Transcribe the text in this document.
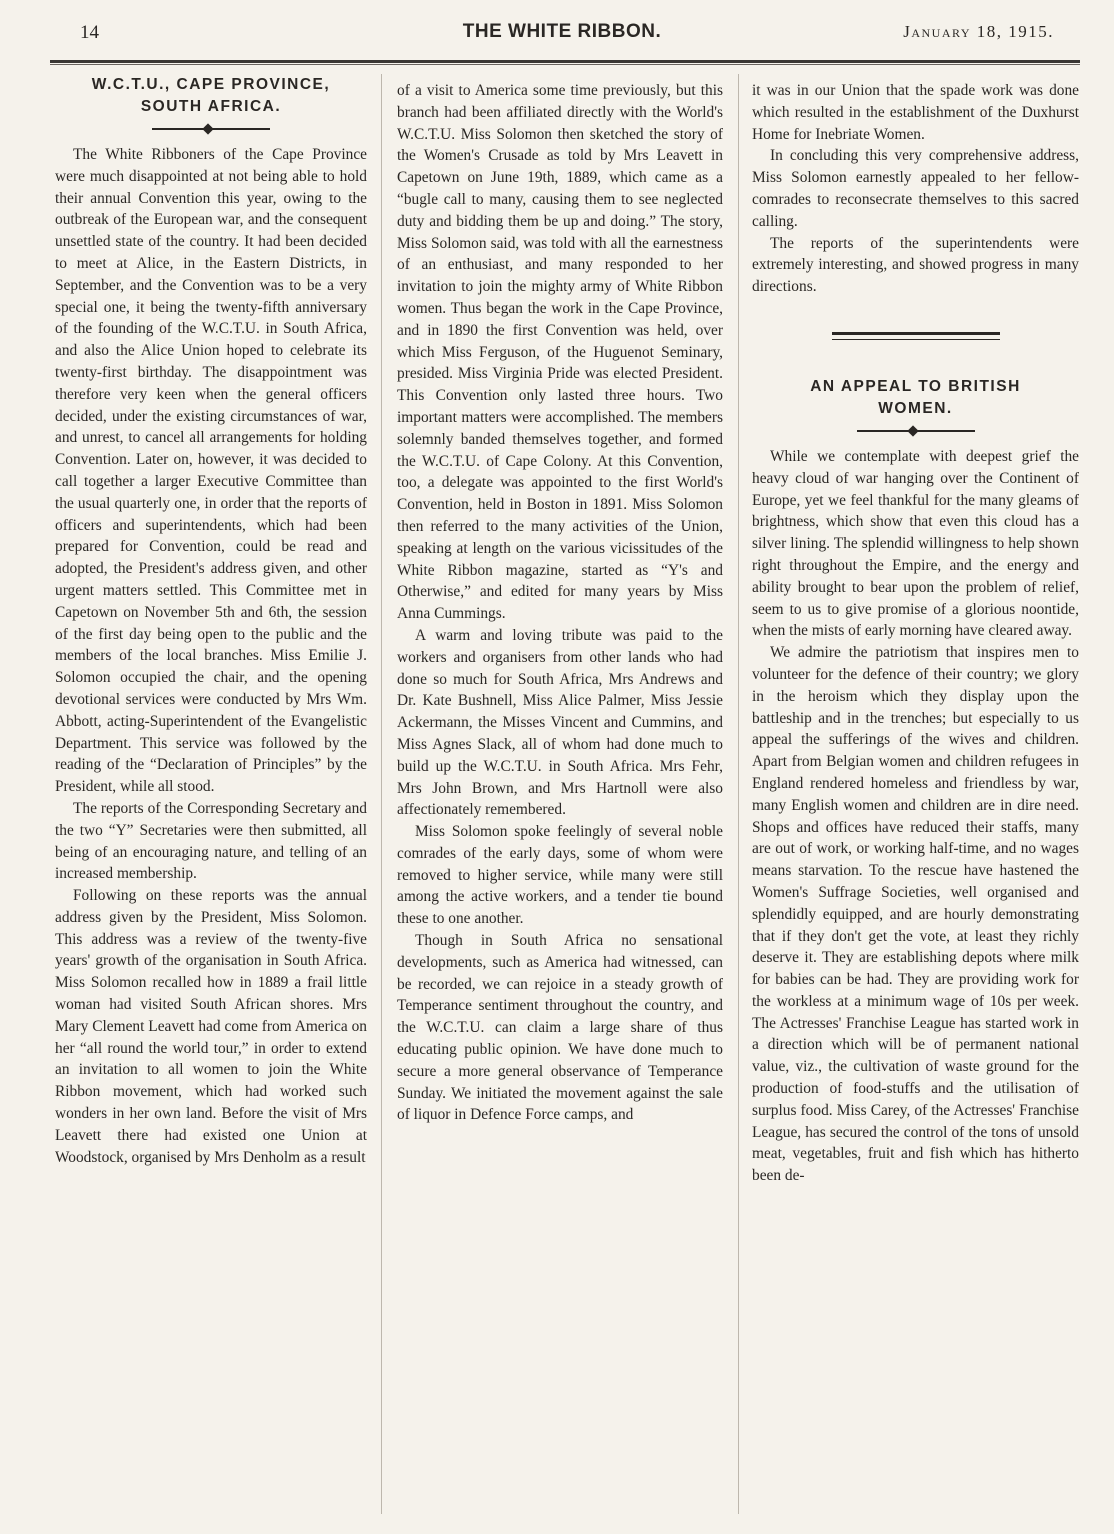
14	THE WHITE RIBBON.	January 18, 1915.
W.C.T.U., CAPE PROVINCE,
SOUTH AFRICA.

The White Ribboners of the Cape Province were much disappointed at not being able to hold their annual Convention this year, owing to the outbreak of the European war, and the consequent unsettled state of the country. It had been decided to meet at Alice, in the Eastern Districts, in September, and the Convention was to be a very special one, it being the twenty-fifth anniversary of the founding of the W.C.T.U. in South Africa, and also the Alice Union hoped to celebrate its twenty-first birthday. The disappointment was therefore very keen when the general officers decided, under the existing circumstances of war, and unrest, to cancel all arrangements for holding Convention. Later on, however, it was decided to call together a larger Executive Committee than the usual quarterly one, in order that the reports of officers and superintendents, which had been prepared for Convention, could be read and adopted, the President's address given, and other urgent matters settled. This Committee met in Capetown on November 5th and 6th, the session of the first day being open to the public and the members of the local branches. Miss Emilie J. Solomon occupied the chair, and the opening devotional services were conducted by Mrs Wm. Abbott, acting-Superintendent of the Evangelistic Department. This service was followed by the reading of the “Declaration of Principles” by the President, while all stood.

The reports of the Corresponding Secretary and the two “Y” Secretaries were then submitted, all being of an encouraging nature, and telling of an increased membership.

Following on these reports was the annual address given by the President, Miss Solomon. This address was a review of the twenty-five years' growth of the organisation in South Africa. Miss Solomon recalled how in 1889 a frail little woman had visited South African shores. Mrs Mary Clement Leavett had come from America on her “all round the world tour,” in order to extend an invitation to all women to join the White Ribbon movement, which had worked such wonders in her own land. Before the visit of Mrs Leavett there had existed one Union at Woodstock, organised by Mrs Denholm as a result

of a visit to America some time previously, but this branch had been affiliated directly with the World's W.C.T.U. Miss Solomon then sketched the story of the Women's Crusade as told by Mrs Leavett in Capetown on June 19th, 1889, which came as a “bugle call to many, causing them to see neglected duty and bidding them be up and doing.” The story, Miss Solomon said, was told with all the earnestness of an enthusiast, and many responded to her invitation to join the mighty army of White Ribbon women. Thus began the work in the Cape Province, and in 1890 the first Convention was held, over which Miss Ferguson, of the Huguenot Seminary, presided. Miss Virginia Pride was elected President. This Convention only lasted three hours. Two important matters were accomplished. The members solemnly banded themselves together, and formed the W.C.T.U. of Cape Colony. At this Convention, too, a delegate was appointed to the first World's Convention, held in Boston in 1891. Miss Solomon then referred to the many activities of the Union, speaking at length on the various vicissitudes of the White Ribbon magazine, started as “Y's and Otherwise,” and edited for many years by Miss Anna Cummings.

A warm and loving tribute was paid to the workers and organisers from other lands who had done so much for South Africa, Mrs Andrews and Dr. Kate Bushnell, Miss Alice Palmer, Miss Jessie Ackermann, the Misses Vincent and Cummins, and Miss Agnes Slack, all of whom had done much to build up the W.C.T.U. in South Africa. Mrs Fehr, Mrs John Brown, and Mrs Hartnoll were also affectionately remembered.

Miss Solomon spoke feelingly of several noble comrades of the early days, some of whom were removed to higher service, while many were still among the active workers, and a tender tie bound these to one another.

Though in South Africa no sensational developments, such as America had witnessed, can be recorded, we can rejoice in a steady growth of Temperance sentiment throughout the country, and the W.C.T.U. can claim a large share of thus educating public opinion. We have done much to secure a more general observance of Temperance Sunday. We initiated the movement against the sale of liquor in Defence Force camps, and

it was in our Union that the spade work was done which resulted in the establishment of the Duxhurst Home for Inebriate Women.

In concluding this very comprehensive address, Miss Solomon earnestly appealed to her fellow-comrades to reconsecrate themselves to this sacred calling.

The reports of the superintendents were extremely interesting, and showed progress in many directions.

AN APPEAL TO BRITISH
WOMEN.

While we contemplate with deepest grief the heavy cloud of war hanging over the Continent of Europe, yet we feel thankful for the many gleams of brightness, which show that even this cloud has a silver lining. The splendid willingness to help shown right throughout the Empire, and the energy and ability brought to bear upon the problem of relief, seem to us to give promise of a glorious noontide, when the mists of early morning have cleared away.

We admire the patriotism that inspires men to volunteer for the defence of their country; we glory in the heroism which they display upon the battleship and in the trenches; but especially to us appeal the sufferings of the wives and children. Apart from Belgian women and children refugees in England rendered homeless and friendless by war, many English women and children are in dire need. Shops and offices have reduced their staffs, many are out of work, or working half-time, and no wages means starvation. To the rescue have hastened the Women's Suffrage Societies, well organised and splendidly equipped, and are hourly demonstrating that if they don't get the vote, at least they richly deserve it. They are establishing depots where milk for babies can be had. They are providing work for the workless at a minimum wage of 10s per week. The Actresses' Franchise League has started work in a direction which will be of permanent national value, viz., the cultivation of waste ground for the production of food-stuffs and the utilisation of surplus food. Miss Carey, of the Actresses' Franchise League, has secured the control of the tons of unsold meat, vegetables, fruit and fish which has hitherto been de-
